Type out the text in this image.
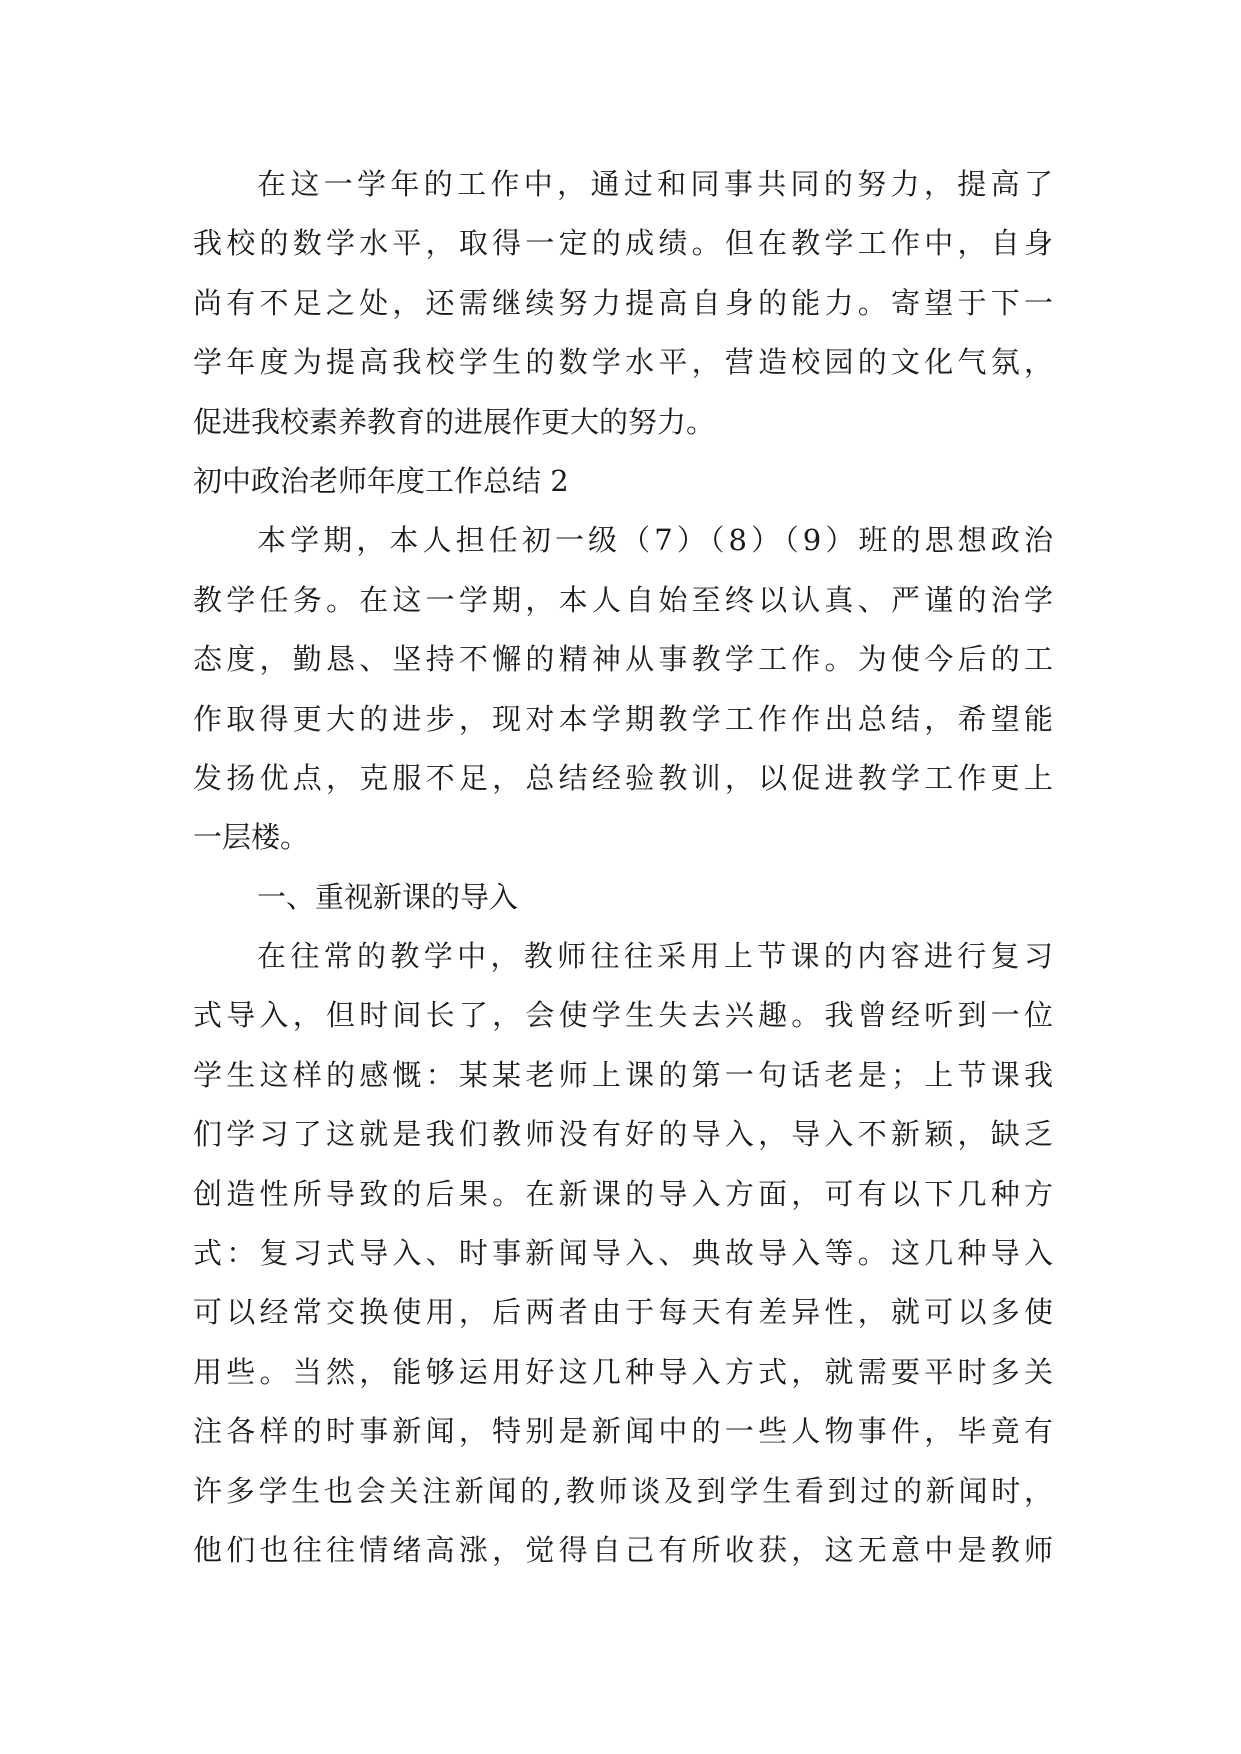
在这一学年的工作中，通过和同事共同的努力，提高了
我校的数学水平，取得一定的成绩。但在教学工作中，自身
尚有不足之处，还需继续努力提高自身的能力。寄望于下一
学年度为提高我校学生的数学水平，营造校园的文化气氛，
促进我校素养教育的进展作更大的努力。
初中政治老师年度工作总结 2
本学期，本人担任初一级（7）（8）（9）班的思想政治
教学任务。在这一学期，本人自始至终以认真、严谨的治学
态度，勤恳、坚持不懈的精神从事教学工作。为使今后的工
作取得更大的进步，现对本学期教学工作作出总结，希望能
发扬优点，克服不足，总结经验教训，以促进教学工作更上
一层楼。
一、重视新课的导入
在往常的教学中，教师往往采用上节课的内容进行复习
式导入，但时间长了，会使学生失去兴趣。我曾经听到一位
学生这样的感慨：某某老师上课的第一句话老是；上节课我
们学习了这就是我们教师没有好的导入，导入不新颖，缺乏
创造性所导致的后果。在新课的导入方面，可有以下几种方
式：复习式导入、时事新闻导入、典故导入等。这几种导入
可以经常交换使用，后两者由于每天有差异性，就可以多使
用些。当然，能够运用好这几种导入方式，就需要平时多关
注各样的时事新闻，特别是新闻中的一些人物事件，毕竟有
许多学生也会关注新闻的,教师谈及到学生看到过的新闻时，
他们也往往情绪高涨，觉得自己有所收获，这无意中是教师
